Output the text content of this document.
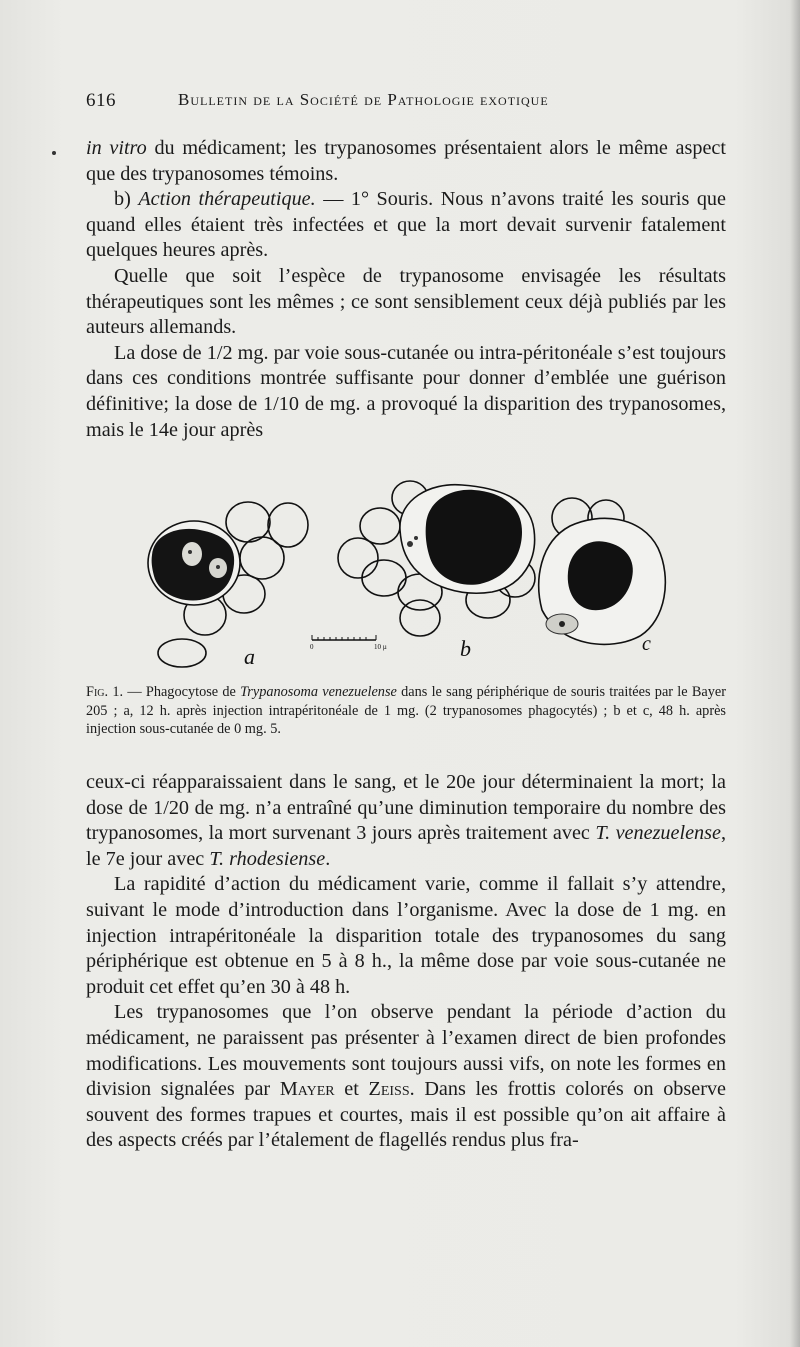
616	Bulletin de la Société de Pathologie exotique

in vitro du médicament; les trypanosomes présentaient alors le même aspect que des trypanosomes témoins.

b) Action thérapeutique. — 1° Souris. Nous n’avons traité les souris que quand elles étaient très infectées et que la mort devait survenir fatalement quelques heures après.

Quelle que soit l’espèce de trypanosome envisagée les résultats thérapeutiques sont les mêmes ; ce sont sensiblement ceux déjà publiés par les auteurs allemands.

La dose de 1/2 mg. par voie sous-cutanée ou intra-péritonéale s’est toujours dans ces conditions montrée suffisante pour donner d’emblée une guérison définitive; la dose de 1/10 de mg. a provoqué la disparition des trypanosomes, mais le 14e jour après

0	10 µ
a	b	c
Fig. 1. — Phagocytose de Trypanosoma venezuelense dans le sang périphérique de souris traitées par le Bayer 205 ; a, 12 h. après injection intrapéritonéale de 1 mg. (2 trypanosomes phagocytés) ; b et c, 48 h. après injection sous-cutanée de 0 mg. 5.

ceux-ci réapparaissaient dans le sang, et le 20e jour déterminaient la mort; la dose de 1/20 de mg. n’a entraîné qu’une diminution temporaire du nombre des trypanosomes, la mort survenant 3 jours après traitement avec T. venezuelense, le 7e jour avec T. rhodesiense.

La rapidité d’action du médicament varie, comme il fallait s’y attendre, suivant le mode d’introduction dans l’organisme. Avec la dose de 1 mg. en injection intrapéritonéale la disparition totale des trypanosomes du sang périphérique est obtenue en 5 à 8 h., la même dose par voie sous-cutanée ne produit cet effet qu’en 30 à 48 h.

Les trypanosomes que l’on observe pendant la période d’action du médicament, ne paraissent pas présenter à l’examen direct de bien profondes modifications. Les mouvements sont toujours aussi vifs, on note les formes en division signalées par Mayer et Zeiss. Dans les frottis colorés on observe souvent des formes trapues et courtes, mais il est possible qu’on ait affaire à des aspects créés par l’étalement de flagellés rendus plus fra-
